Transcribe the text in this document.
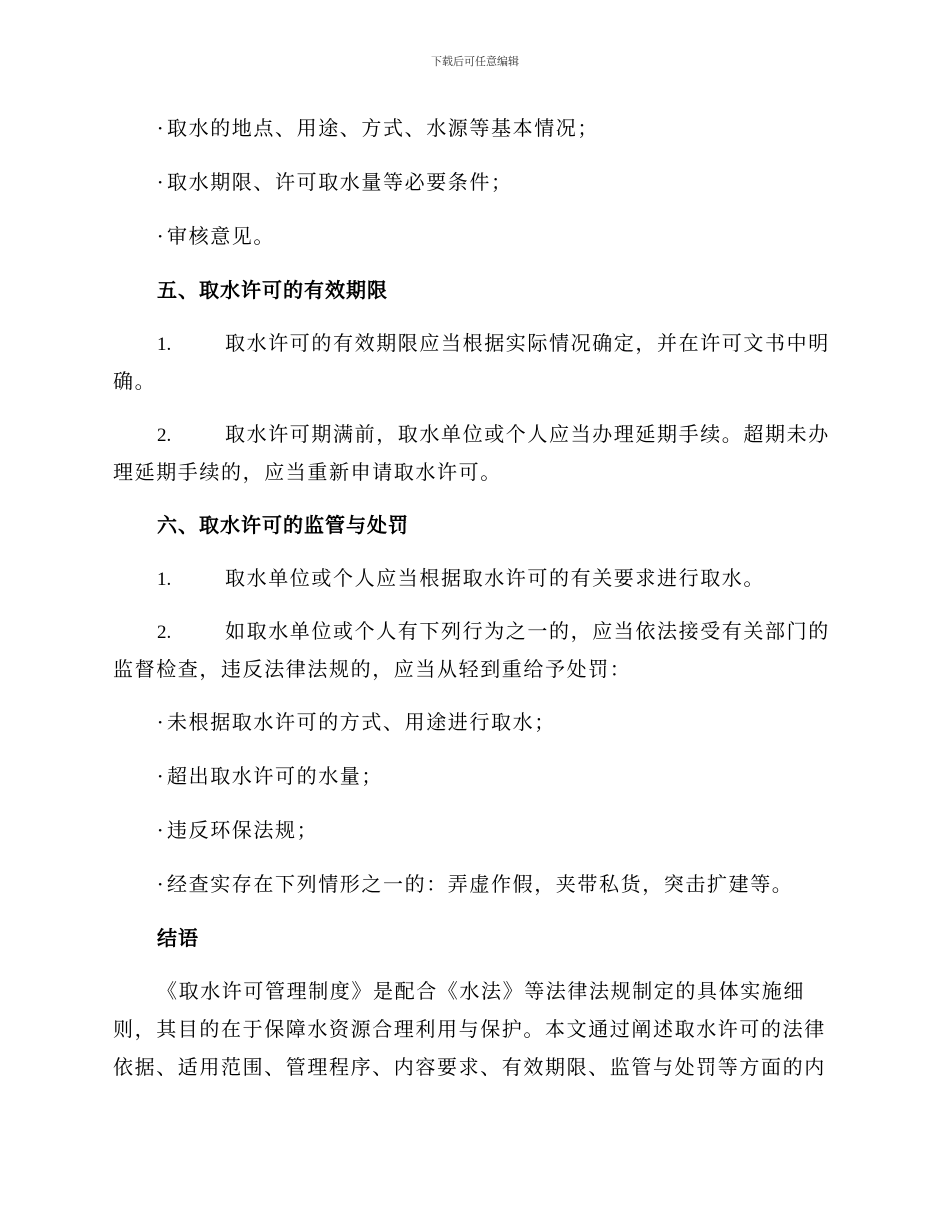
下载后可任意编辑
· 取水的地点、用途、方式、水源等基本情况；
· 取水期限、许可取水量等必要条件；
· 审核意见。
五、取水许可的有效期限
1.	取水许可的有效期限应当根据实际情况确定，并在许可文书中明
确。
2.	取水许可期满前，取水单位或个人应当办理延期手续。超期未办
理延期手续的，应当重新申请取水许可。
六、取水许可的监管与处罚
1.	取水单位或个人应当根据取水许可的有关要求进行取水。
2.	如取水单位或个人有下列行为之一的，应当依法接受有关部门的
监督检查，违反法律法规的，应当从轻到重给予处罚：
· 未根据取水许可的方式、用途进行取水；
· 超出取水许可的水量；
· 违反环保法规；
· 经查实存在下列情形之一的：弄虚作假，夹带私货，突击扩建等。
结语
《取水许可管理制度》是配合《水法》等法律法规制定的具体实施细
则，其目的在于保障水资源合理利用与保护。本文通过阐述取水许可的法律
依据、适用范围、管理程序、内容要求、有效期限、监管与处罚等方面的内
